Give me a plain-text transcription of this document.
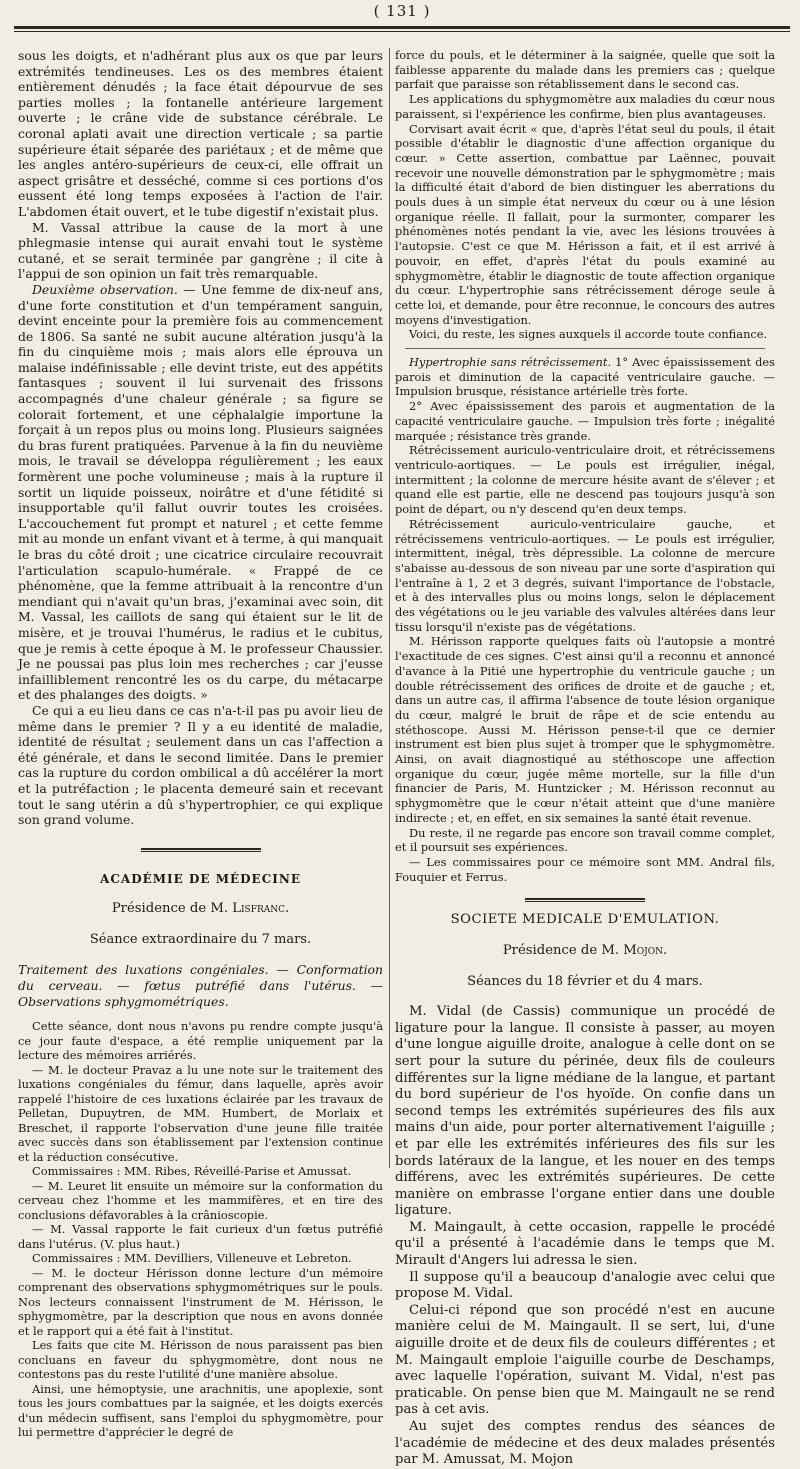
( 131 )

sous les doigts, et n'adhérant plus aux os que par leurs extrémités tendineuses. Les os des membres étaient entièrement dénudés ; la face était dépourvue de ses parties molles ; la fontanelle antérieure largement ouverte ; le crâne vide de substance cérébrale. Le coronal aplati avait une direction verticale ; sa partie supérieure était séparée des pariétaux ; et de même que les angles antéro-supérieurs de ceux-ci, elle offrait un aspect grisâtre et desséché, comme si ces portions d'os eussent été long temps exposées à l'action de l'air. L'abdomen était ouvert, et le tube digestif n'existait plus.

M. Vassal attribue la cause de la mort à une phlegmasie intense qui aurait envahi tout le système cutané, et se serait terminée par gangrène ; il cite à l'appui de son opinion un fait très remarquable.

Deuxième observation. — Une femme de dix-neuf ans, d'une forte constitution et d'un tempérament sanguin, devint enceinte pour la première fois au commencement de 1806. Sa santé ne subit aucune altération jusqu'à la fin du cinquième mois ; mais alors elle éprouva un malaise indéfinissable ; elle devint triste, eut des appétits fantasques ; souvent il lui survenait des frissons accompagnés d'une chaleur générale ; sa figure se colorait fortement, et une céphalalgie importune la forçait à un repos plus ou moins long. Plusieurs saignées du bras furent pratiquées. Parvenue à la fin du neuvième mois, le travail se développa régulièrement ; les eaux formèrent une poche volumineuse ; mais à la rupture il sortit un liquide poisseux, noirâtre et d'une fétidité si insupportable qu'il fallut ouvrir toutes les croisées. L'accouchement fut prompt et naturel ; et cette femme mit au monde un enfant vivant et à terme, à qui manquait le bras du côté droit ; une cicatrice circulaire recouvrait l'articulation scapulo-humérale. « Frappé de ce phénomène, que la femme attribuait à la rencontre d'un mendiant qui n'avait qu'un bras, j'examinai avec soin, dit M. Vassal, les caillots de sang qui étaient sur le lit de misère, et je trouvai l'humérus, le radius et le cubitus, que je remis à cette époque à M. le professeur Chaussier. Je ne poussai pas plus loin mes recherches ; car j'eusse infailliblement rencontré les os du carpe, du métacarpe et des phalanges des doigts. »

Ce qui a eu lieu dans ce cas n'a-t-il pas pu avoir lieu de même dans le premier ? Il y a eu identité de maladie, identité de résultat ; seulement dans un cas l'affection a été générale, et dans le second limitée. Dans le premier cas la rupture du cordon ombilical a dû accélérer la mort et la putréfaction ; le placenta demeuré sain et recevant tout le sang utérin a dû s'hypertrophier, ce qui explique son grand volume.

ACADÉMIE DE MÉDECINE

Présidence de M. Lisfranc.

Séance extraordinaire du 7 mars.

Traitement des luxations congéniales. — Conformation du cerveau. — fœtus putréfié dans l'utérus. — Observations sphygmométriques.

Cette séance, dont nous n'avons pu rendre compte jusqu'à ce jour faute d'espace, a été remplie uniquement par la lecture des mémoires arriérés.

— M. le docteur Pravaz a lu une note sur le traitement des luxations congéniales du fémur, dans laquelle, après avoir rappelé l'histoire de ces luxations éclairée par les travaux de Pelletan, Dupuytren, de MM. Humbert, de Morlaix et Breschet, il rapporte l'observation d'une jeune fille traitée avec succès dans son établissement par l'extension continue et la réduction consécutive.

Commissaires : MM. Ribes, Réveillé-Parise et Amussat.

— M. Leuret lit ensuite un mémoire sur la conformation du cerveau chez l'homme et les mammifères, et en tire des conclusions défavorables à la crânioscopie.

— M. Vassal rapporte le fait curieux d'un fœtus putréfié dans l'utérus. (V. plus haut.)

Commissaires : MM. Devilliers, Villeneuve et Lebreton.

— M. le docteur Hérisson donne lecture d'un mémoire comprenant des observations sphygmométriques sur le pouls. Nos lecteurs connaissent l'instrument de M. Hérisson, le sphygmomètre, par la description que nous en avons donnée et le rapport qui a été fait à l'institut.

Les faits que cite M. Hérisson de nous paraissent pas bien concluans en faveur du sphygmomètre, dont nous ne contestons pas du reste l'utilité d'une manière absolue.

Ainsi, une hémoptysie, une arachnitis, une apoplexie, sont tous les jours combattues par la saignée, et les doigts exercés d'un médecin suffisent, sans l'emploi du sphygmomètre, pour lui permettre d'apprécier le degré de

force du pouls, et le déterminer à la saignée, quelle que soit la faiblesse apparente du malade dans les premiers cas ; quelque parfait que paraisse son rétablissement dans le second cas.

Les applications du sphygmomètre aux maladies du cœur nous paraissent, si l'expérience les confirme, bien plus avantageuses.

Corvisart avait écrit « que, d'après l'état seul du pouls, il était possible d'établir le diagnostic d'une affection organique du cœur. » Cette assertion, combattue par Laënnec, pouvait recevoir une nouvelle démonstration par le sphygmomètre ; mais la difficulté était d'abord de bien distinguer les aberrations du pouls dues à un simple état nerveux du cœur ou à une lésion organique réelle. Il fallait, pour la surmonter, comparer les phénomènes notés pendant la vie, avec les lésions trouvées à l'autopsie. C'est ce que M. Hérisson a fait, et il est arrivé à pouvoir, en effet, d'après l'état du pouls examiné au sphygmomètre, établir le diagnostic de toute affection organique du cœur. L'hypertrophie sans rétrécissement déroge seule à cette loi, et demande, pour être reconnue, le concours des autres moyens d'investigation.

Voici, du reste, les signes auxquels il accorde toute confiance.

Hypertrophie sans rétrécissement. 1° Avec épaississement des parois et diminution de la capacité ventriculaire gauche. — Impulsion brusque, résistance artérielle très forte.

2° Avec épaississement des parois et augmentation de la capacité ventriculaire gauche. — Impulsion très forte ; inégalité marquée ; résistance très grande.

Rétrécissement auriculo-ventriculaire droit, et rétrécissemens ventriculo-aortiques. — Le pouls est irrégulier, inégal, intermittent ; la colonne de mercure hésite avant de s'élever ; et quand elle est partie, elle ne descend pas toujours jusqu'à son point de départ, ou n'y descend qu'en deux temps.

Rétrécissement auriculo-ventriculaire gauche, et rétrécissemens ventriculo-aortiques. — Le pouls est irrégulier, intermittent, inégal, très dépressible. La colonne de mercure s'abaisse au-dessous de son niveau par une sorte d'aspiration qui l'entraîne à 1, 2 et 3 degrés, suivant l'importance de l'obstacle, et à des intervalles plus ou moins longs, selon le déplacement des végétations ou le jeu variable des valvules altérées dans leur tissu lorsqu'il n'existe pas de végétations.

M. Hérisson rapporte quelques faits où l'autopsie a montré l'exactitude de ces signes. C'est ainsi qu'il a reconnu et annoncé d'avance à la Pitié une hypertrophie du ventricule gauche ; un double rétrécissement des orifices de droite et de gauche ; et, dans un autre cas, il affirma l'absence de toute lésion organique du cœur, malgré le bruit de râpe et de scie entendu au stéthoscope. Aussi M. Hérisson pense-t-il que ce dernier instrument est bien plus sujet à tromper que le sphygmomètre. Ainsi, on avait diagnostiqué au stéthoscope une affection organique du cœur, jugée même mortelle, sur la fille d'un financier de Paris, M. Huntzicker ; M. Hérisson reconnut au sphygmomètre que le cœur n'était atteint que d'une manière indirecte ; et, en effet, en six semaines la santé était revenue.

Du reste, il ne regarde pas encore son travail comme complet, et il poursuit ses expériences.

— Les commissaires pour ce mémoire sont MM. Andral fils, Fouquier et Ferrus.

SOCIETE MEDICALE D'EMULATION.

Présidence de M. Mojon.

Séances du 18 février et du 4 mars.

M. Vidal (de Cassis) communique un procédé de ligature pour la langue. Il consiste à passer, au moyen d'une longue aiguille droite, analogue à celle dont on se sert pour la suture du périnée, deux fils de couleurs différentes sur la ligne médiane de la langue, et partant du bord supérieur de l'os hyoïde. On confie dans un second temps les extrémités supérieures des fils aux mains d'un aide, pour porter alternativement l'aiguille ; et par elle les extrémités inférieures des fils sur les bords latéraux de la langue, et les nouer en des temps différens, avec les extrémités supérieures. De cette manière on embrasse l'organe entier dans une double ligature.

M. Maingault, à cette occasion, rappelle le procédé qu'il a présenté à l'académie dans le temps que M. Mirault d'Angers lui adressa le sien.

Il suppose qu'il a beaucoup d'analogie avec celui que propose M. Vidal.

Celui-ci répond que son procédé n'est en aucune manière celui de M. Maingault. Il se sert, lui, d'une aiguille droite et de deux fils de couleurs différentes ; et M. Maingault emploie l'aiguille courbe de Deschamps, avec laquelle l'opération, suivant M. Vidal, n'est pas praticable. On pense bien que M. Maingault ne se rend pas à cet avis.

Au sujet des comptes rendus des séances de l'académie de médecine et des deux malades présentés par M. Amussat, M. Mojon
